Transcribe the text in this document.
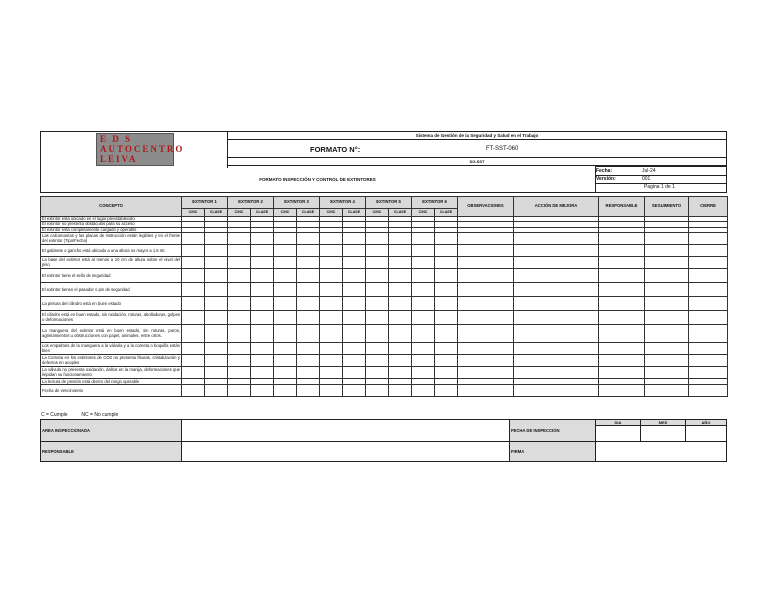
E D S
AUTOCENTRO
LEIVA
Sistema de Gestión de la Seguridad y Salud en el Trabajo
FORMATO N°:	FT-SST-060
SG-SST
FORMATO INSPECCIÓN Y CONTROL DE EXTINTORES
Fecha:	Jul-24
Versión:	001
Pagina 1 de 1
CONCEPTO	EXTINTOR 1		EXTINTOR 2		EXTINTOR 3		EXTINTOR 4		EXTINTOR 5		EXTINTOR 6		OBSERVACIONES	ACCIÓN DE MEJORA	RESPONSABLE	SEGUIMIENTO	CIERRE
	C/NC	CLASE	C/NC	CLASE	C/NC	CLASE	C/NC	CLASE	C/NC	CLASE	C/NC	CLASE					
El extintor está ubicado en el lugar preestablecido																	
El extintor no presenta obstáculos para su acceso																	
El extintor está completamente cargado y operable																	
Las calcomanías y las placas de instrucción están legibles y en el frente del extintor (Tipo/Fecha)																	
El gabinete o gancho está ubicado a una altura no mayor a 1.5 mt.																	
La base del extintor está al menos a 10 cm de altura sobre el nivel del piso																	
El extintor tiene el sello de seguridad																	
El extintor tienen el pasador o pin de seguridad																	
La pintura del cilindro está en buen estado																	
El cilindro está en buen estado, sin oxidación, roturas, abolladuras, golpes o deformaciones																	
La manguera del extintor está en buen estado, sin roturas, poros, agrietamientos u obstrucciones con papel, animales, entre otros.																	
Los empalmes de la manguera a la válvula y a la corneta o boquilla están bien																	
La Corneta en los extintores de CO2 no presenta fisuras, cristalización y defectos en acoples																	
La válvula no presenta oxidación, daños en la manija, deformaciones que impidan su funcionamiento																	
La lectura de presión está dentro del rango operable																	
Fecha de vencimiento																	
C = Cumple          NC = No cumple
AREA INSPECCIONADA	FECHA DE INSPECCION
DIA	MES	AÑO
RESPONSABLE	FIRMA
